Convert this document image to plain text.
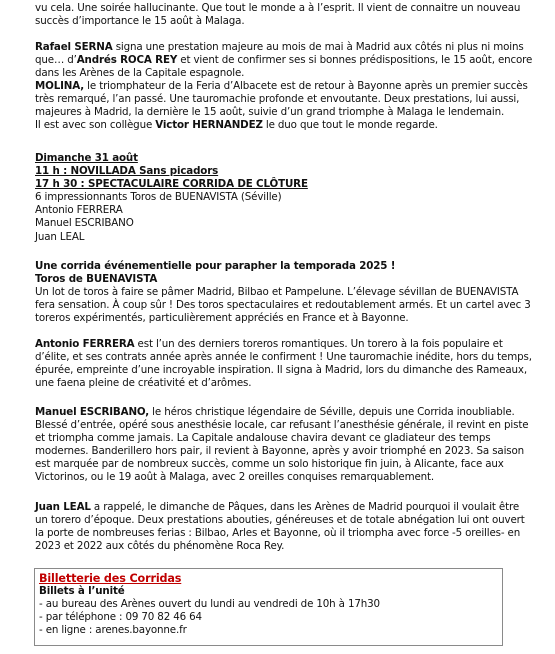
vu cela. Une soirée hallucinante. Que tout le monde a à l’esprit. Il vient de connaitre un nouveau

succès d’importance le 15 août à Malaga.

Rafael SERNA signa une prestation majeure au mois de mai à Madrid aux côtés ni plus ni moins

que… d’Andrés ROCA REY et vient de confirmer ses si bonnes prédispositions, le 15 août, encore

dans les Arènes de la Capitale espagnole.

MOLINA, le triomphateur de la Feria d’Albacete est de retour à Bayonne après un premier succès

très remarqué, l’an passé. Une tauromachie profonde et envoutante. Deux prestations, lui aussi,

majeures à Madrid, la dernière le 15 août, suivie d’un grand triomphe à Malaga le lendemain.

Il est avec son collègue Victor HERNANDEZ le duo que tout le monde regarde.

Dimanche 31 août

11 h : NOVILLADA Sans picadors

17 h 30 : SPECTACULAIRE CORRIDA DE CLÔTURE

6 impressionnants Toros de BUENAVISTA (Séville)

Antonio FERRERA

Manuel ESCRIBANO

Juan LEAL

Une corrida événementielle pour parapher la temporada 2025 !

Toros de BUENAVISTA

Un lot de toros à faire se pâmer Madrid, Bilbao et Pampelune. L’élevage sévillan de BUENAVISTA

fera sensation. À coup sûr ! Des toros spectaculaires et redoutablement armés. Et un cartel avec 3

toreros expérimentés, particulièrement appréciés en France et à Bayonne.

Antonio FERRERA est l’un des derniers toreros romantiques. Un torero à la fois populaire et

d’élite, et ses contrats année après année le confirment ! Une tauromachie inédite, hors du temps,

épurée, empreinte d’une incroyable inspiration. Il signa à Madrid, lors du dimanche des Rameaux,

une faena pleine de créativité et d’arômes.

Manuel ESCRIBANO, le héros christique légendaire de Séville, depuis une Corrida inoubliable.

Blessé d’entrée, opéré sous anesthésie locale, car refusant l’anesthésie générale, il revint en piste

et triompha comme jamais. La Capitale andalouse chavira devant ce gladiateur des temps

modernes. Banderillero hors pair, il revient à Bayonne, après y avoir triomphé en 2023. Sa saison

est marquée par de nombreux succès, comme un solo historique fin juin, à Alicante, face aux

Victorinos, ou le 19 août à Malaga, avec 2 oreilles conquises remarquablement.

Juan LEAL a rappelé, le dimanche de Pâques, dans les Arènes de Madrid pourquoi il voulait être

un torero d’époque. Deux prestations abouties, généreuses et de totale abnégation lui ont ouvert

la porte de nombreuses ferias : Bilbao, Arles et Bayonne, où il triompha avec force -5 oreilles- en

2023 et 2022 aux côtés du phénomène Roca Rey.

Billetterie des Corridas

Billets à l’unité

- au bureau des Arènes ouvert du lundi au vendredi de 10h à 17h30

- par téléphone : 09 70 82 46 64

- en ligne : arenes.bayonne.fr
